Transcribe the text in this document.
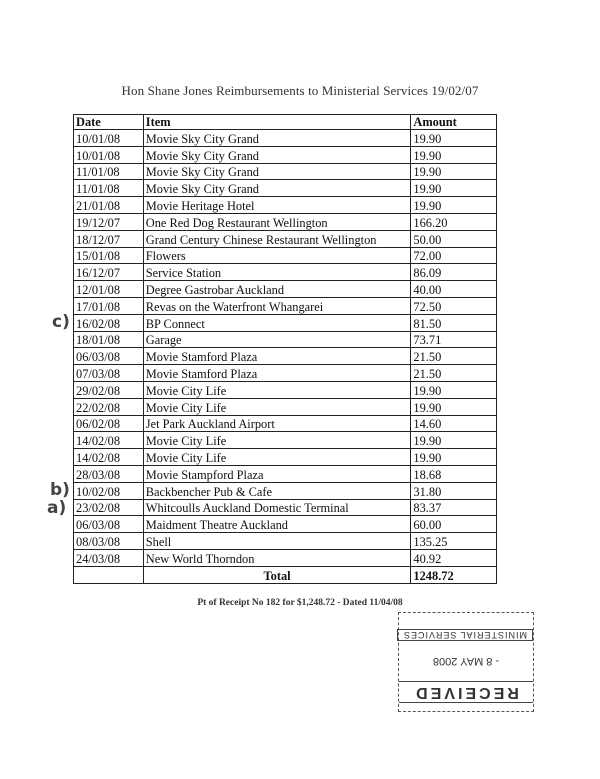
Hon Shane Jones Reimbursements to Ministerial Services 19/02/07
Date	Item	Amount
10/01/08	Movie Sky City Grand	19.90
10/01/08	Movie Sky City Grand	19.90
11/01/08	Movie Sky City Grand	19.90
11/01/08	Movie Sky City Grand	19.90
21/01/08	Movie Heritage Hotel	19.90
19/12/07	One Red Dog Restaurant Wellington	166.20
18/12/07	Grand Century Chinese Restaurant Wellington	50.00
15/01/08	Flowers	72.00
16/12/07	Service Station	86.09
12/01/08	Degree Gastrobar Auckland	40.00
17/01/08	Revas on the Waterfront Whangarei	72.50
16/02/08	BP Connect	81.50
18/01/08	Garage	73.71
06/03/08	Movie Stamford Plaza	21.50
07/03/08	Movie Stamford Plaza	21.50
29/02/08	Movie City Life	19.90
22/02/08	Movie City Life	19.90
06/02/08	Jet Park Auckland Airport	14.60
14/02/08	Movie City Life	19.90
14/02/08	Movie City Life	19.90
28/03/08	Movie Stampford Plaza	18.68
10/02/08	Backbencher Pub & Cafe	31.80
23/02/08	Whitcoulls Auckland Domestic Terminal	83.37
06/03/08	Maidment Theatre Auckland	60.00
08/03/08	Shell	135.25
24/03/08	New World Thorndon	40.92
	Total	1248.72
Pt of Receipt No 182 for $1,248.72 - Dated 11/04/08
RECEIVED
- 8 MAY 2008
MINISTERIAL SERVICES
c)
b)
a)
